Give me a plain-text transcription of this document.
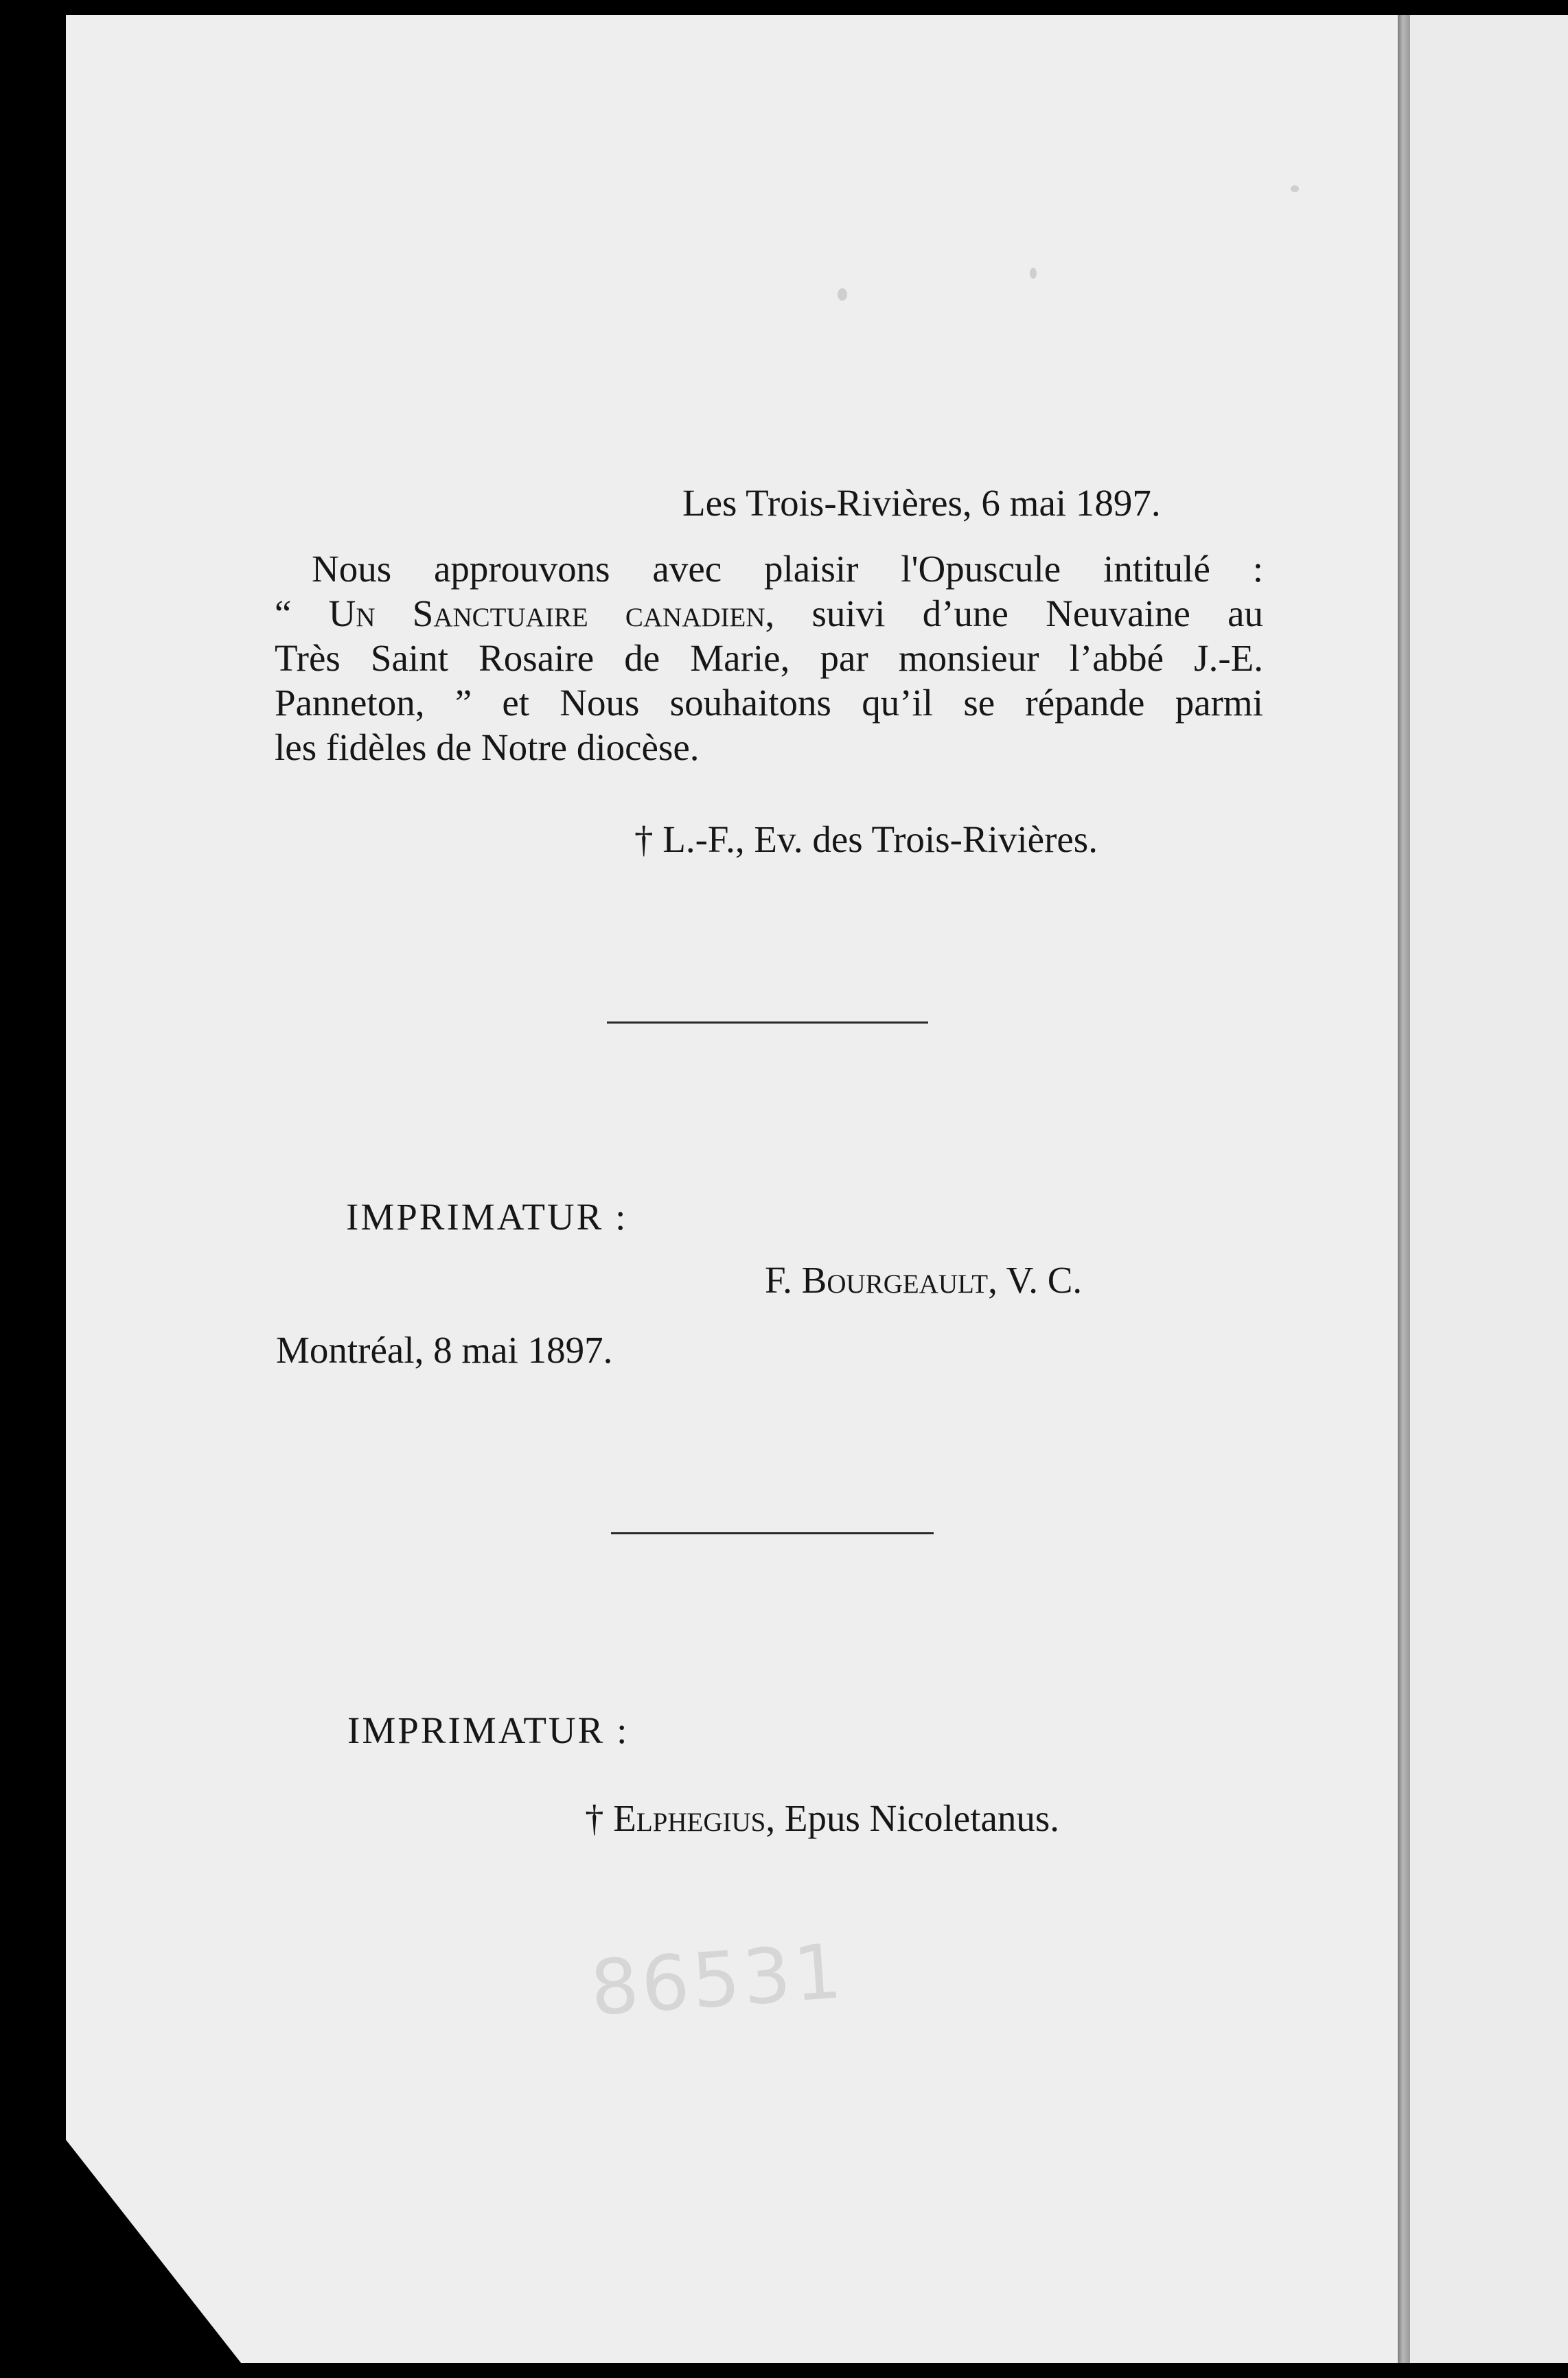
Les Trois-Rivières, 6 mai 1897.
Nous approuvons avec plaisir l'Opuscule intitulé :
“ Un Sanctuaire canadien, suivi d’une Neuvaine au
Très Saint Rosaire de Marie, par monsieur l’abbé J.-E.
Panneton, ” et Nous souhaitons qu’il se répande parmi
les fidèles de Notre diocèse.
† L.-F., Ev. des Trois-Rivières.
IMPRIMATUR :
F. Bourgeault, V. C.
Montréal, 8 mai 1897.
IMPRIMATUR :
† Elphegius, Epus Nicoletanus.
86531
